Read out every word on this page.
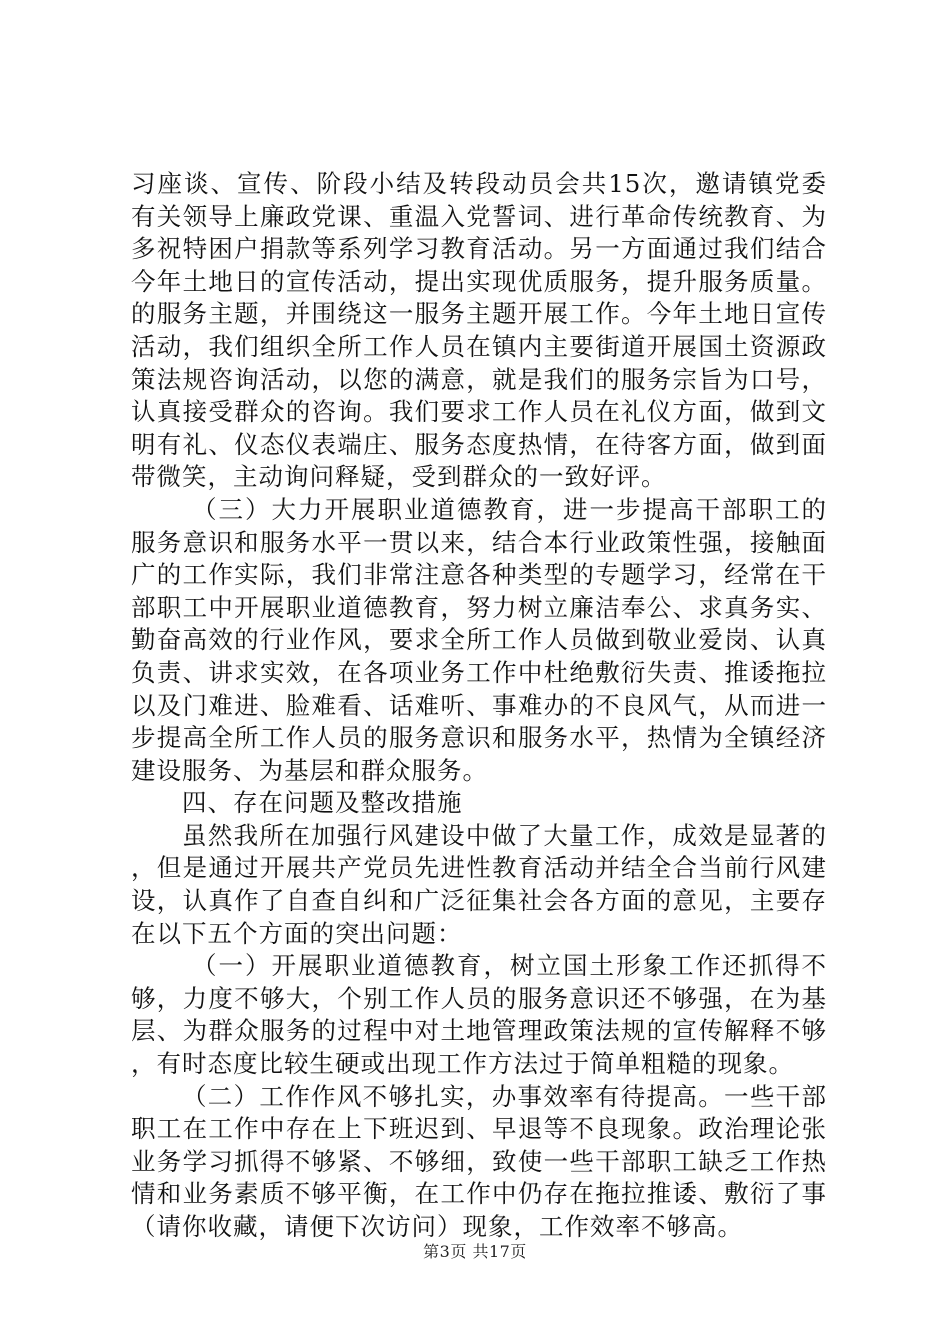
习座谈、宣传、阶段小结及转段动员会共15次，邀请镇党委有关领导上廉政党课、重温入党誓词、进行革命传统教育、为多祝特困户捐款等系列学习教育活动。另一方面通过我们结合今年土地日的宣传活动，提出实现优质服务，提升服务质量。的服务主题，并围绕这一服务主题开展工作。今年土地日宣传活动，我们组织全所工作人员在镇内主要街道开展国土资源政策法规咨询活动，以您的满意，就是我们的服务宗旨为口号，认真接受群众的咨询。我们要求工作人员在礼仪方面，做到文明有礼、仪态仪表端庄、服务态度热情，在待客方面，做到面带微笑，主动询问释疑，受到群众的一致好评。

（三）大力开展职业道德教育，进一步提高干部职工的服务意识和服务水平一贯以来，结合本行业政策性强，接触面广的工作实际，我们非常注意各种类型的专题学习，经常在干部职工中开展职业道德教育，努力树立廉洁奉公、求真务实、勤奋高效的行业作风，要求全所工作人员做到敬业爱岗、认真负责、讲求实效，在各项业务工作中杜绝敷衍失责、推诿拖拉以及门难进、脸难看、话难听、事难办的不良风气，从而进一步提高全所工作人员的服务意识和服务水平，热情为全镇经济建设服务、为基层和群众服务。

四、存在问题及整改措施

虽然我所在加强行风建设中做了大量工作，成效是显著的，但是通过开展共产党员先进性教育活动并结全合当前行风建设，认真作了自查自纠和广泛征集社会各方面的意见，主要存在以下五个方面的突出问题：

（一）开展职业道德教育，树立国土形象工作还抓得不够，力度不够大，个别工作人员的服务意识还不够强，在为基层、为群众服务的过程中对土地管理政策法规的宣传解释不够，有时态度比较生硬或出现工作方法过于简单粗糙的现象。

（二）工作作风不够扎实，办事效率有待提高。一些干部职工在工作中存在上下班迟到、早退等不良现象。政治理论张业务学习抓得不够紧、不够细，致使一些干部职工缺乏工作热情和业务素质不够平衡，在工作中仍存在拖拉推诿、敷衍了事（请你收藏，请便下次访问）现象，工作效率不够高。

第3页 共17页
